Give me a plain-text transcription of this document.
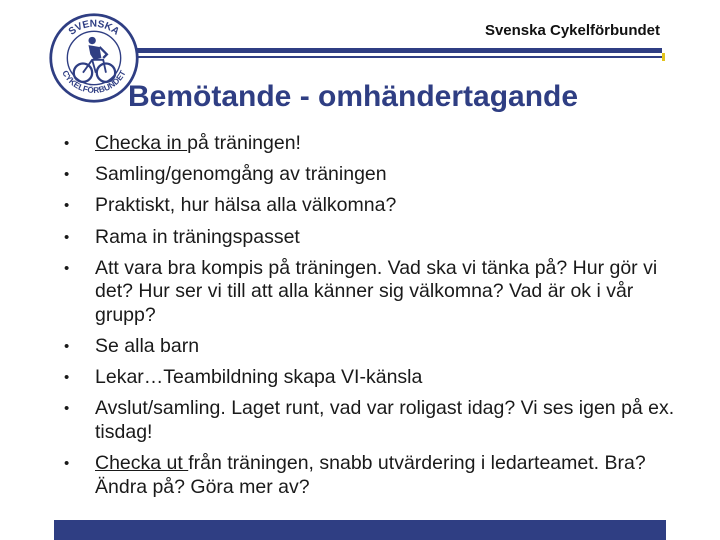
Svenska Cykelförbundet
SVENSKA
CYKELFÖRBUNDET
Bemötande - omhändertagande
• Checka in på träningen!
• Samling/genomgång av träningen
• Praktiskt, hur hälsa alla välkomna?
• Rama in träningspasset
• Att vara bra kompis på träningen. Vad ska vi tänka på? Hur gör vi det? Hur ser vi till att alla känner sig välkomna? Vad är ok i vår grupp?
• Se alla barn
• Lekar…Teambildning skapa VI-känsla
• Avslut/samling. Laget runt, vad var roligast idag? Vi ses igen på ex. tisdag!
• Checka ut från träningen, snabb utvärdering i ledarteamet. Bra? Ändra på? Göra mer av?
